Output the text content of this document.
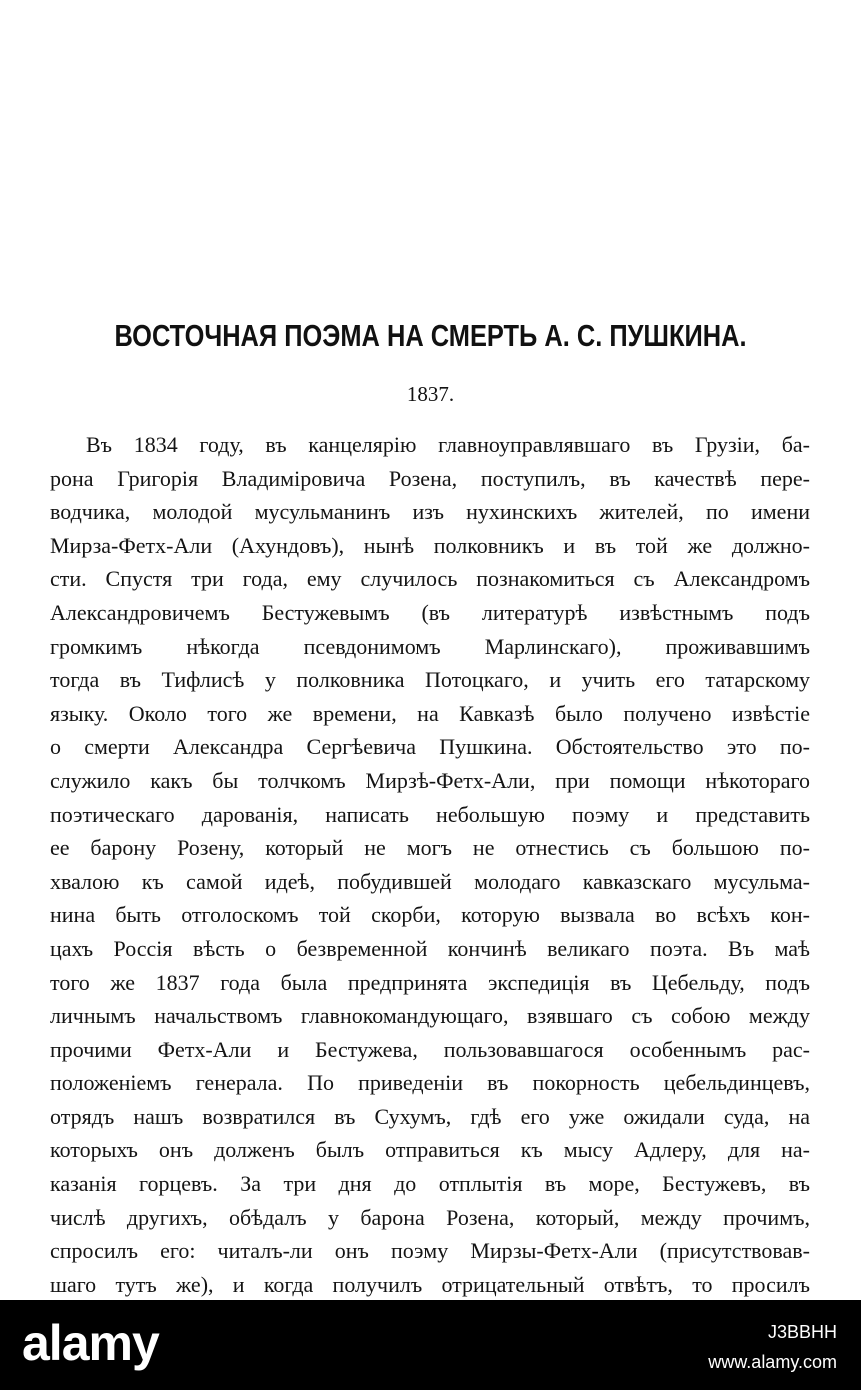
ВОСТОЧНАЯ ПОЭМА НА СМЕРТЬ А. С. ПУШКИНА.
1837.
Въ 1834 году, въ канцелярію главноуправлявшаго въ Грузіи, ба-
рона Григорія Владиміровича Розена, поступилъ, въ качествѣ пере-
водчика, молодой мусульманинъ изъ нухинскихъ жителей, по имени
Мирза-Фетх-Али (Ахундовъ), нынѣ полковникъ и въ той же должно-
сти. Спустя три года, ему случилось познакомиться съ Александромъ
Александровичемъ Бестужевымъ (въ литературѣ извѣстнымъ подъ
громкимъ нѣкогда псевдонимомъ Марлинскаго), проживавшимъ
тогда въ Тифлисѣ у полковника Потоцкаго, и учить его татарскому
языку. Около того же времени, на Кавказѣ было получено извѣстіе
о смерти Александра Сергѣевича Пушкина. Обстоятельство это по-
служило какъ бы толчкомъ Мирзѣ-Фетх-Али, при помощи нѣкотораго
поэтическаго дарованія, написать небольшую поэму и представить
ее барону Розену, который не могъ не отнестись съ большою по-
хвалою къ самой идеѣ, побудившей молодаго кавказскаго мусульма-
нина быть отголоскомъ той скорби, которую вызвала во всѣхъ кон-
цахъ Россія вѣсть о безвременной кончинѣ великаго поэта. Въ маѣ
того же 1837 года была предпринята экспедиція въ Цебельду, подъ
личнымъ начальствомъ главнокомандующаго, взявшаго съ собою между
прочими Фетх-Али и Бестужева, пользовавшагося особеннымъ рас-
положеніемъ генерала. По приведеніи въ покорность цебельдинцевъ,
отрядъ нашъ возвратился въ Сухумъ, гдѣ его уже ожидали суда, на
которыхъ онъ долженъ былъ отправиться къ мысу Адлеру, для на-
казанія горцевъ. За три дня до отплытія въ море, Бестужевъ, въ
числѣ другихъ, обѣдалъ у барона Розена, который, между прочимъ,
спросилъ его: читалъ-ли онъ поэму Мирзы-Фетх-Али (присутствовав-
шаго тутъ же), и когда получилъ отрицательный отвѣтъ, то просилъ
alamy	J3BBHH
www.alamy.com
